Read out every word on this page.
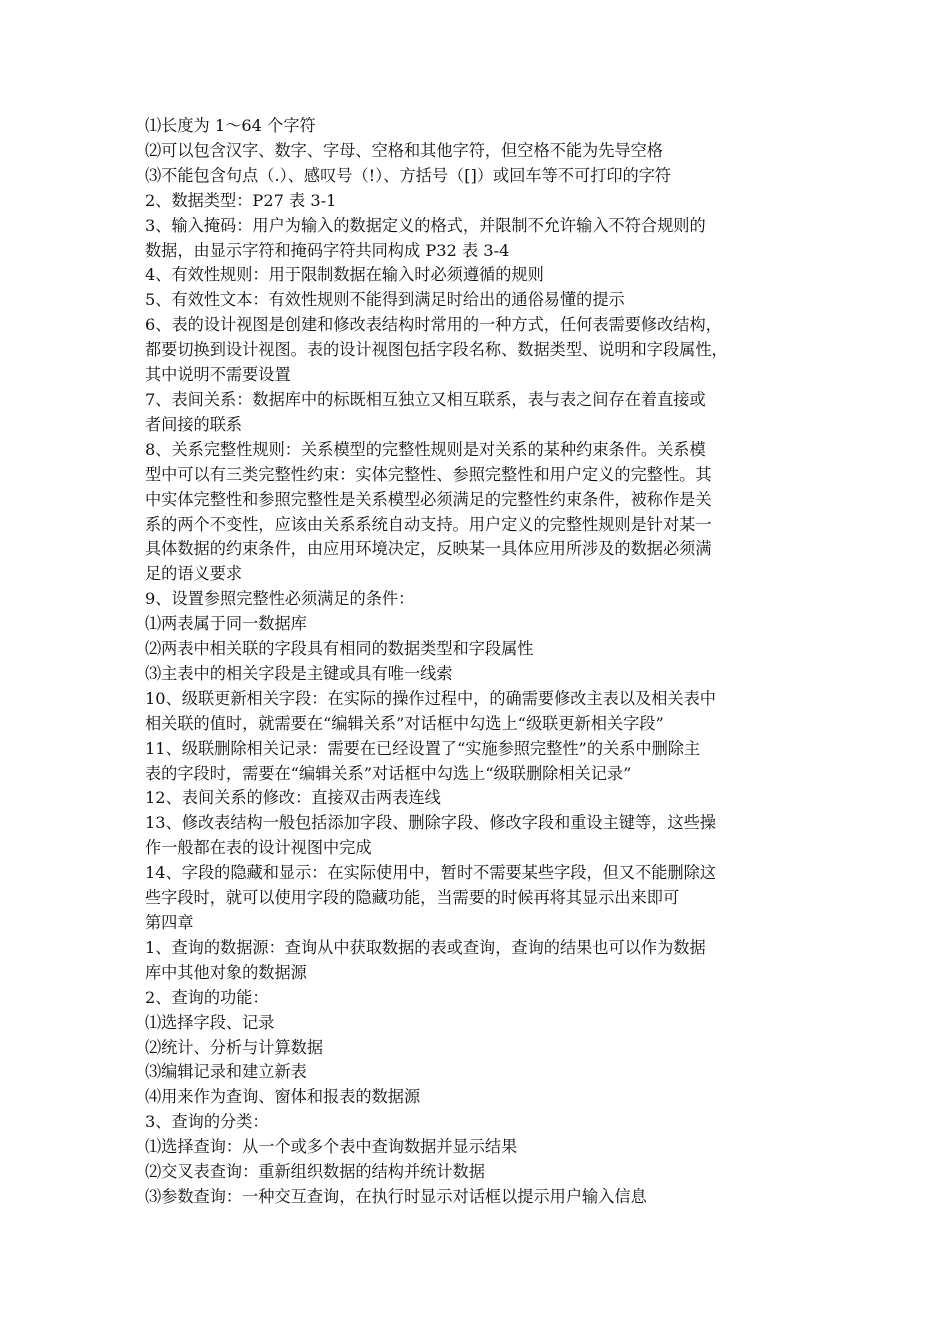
⑴长度为 1～64 个字符
⑵可以包含汉字、数字、字母、空格和其他字符，但空格不能为先导空格
⑶不能包含句点（.）、感叹号（!）、方括号（[]）或回车等不可打印的字符
2、数据类型：P27 表 3-1
3、输入掩码：用户为输入的数据定义的格式，并限制不允许输入不符合规则的
数据，由显示字符和掩码字符共同构成 P32 表 3-4
4、有效性规则：用于限制数据在输入时必须遵循的规则
5、有效性文本：有效性规则不能得到满足时给出的通俗易懂的提示
6、表的设计视图是创建和修改表结构时常用的一种方式，任何表需要修改结构，
都要切换到设计视图。表的设计视图包括字段名称、数据类型、说明和字段属性，
其中说明不需要设置
7、表间关系：数据库中的标既相互独立又相互联系，表与表之间存在着直接或
者间接的联系
8、关系完整性规则：关系模型的完整性规则是对关系的某种约束条件。关系模
型中可以有三类完整性约束：实体完整性、参照完整性和用户定义的完整性。其
中实体完整性和参照完整性是关系模型必须满足的完整性约束条件，被称作是关
系的两个不变性，应该由关系系统自动支持。用户定义的完整性规则是针对某一
具体数据的约束条件，由应用环境决定，反映某一具体应用所涉及的数据必须满
足的语义要求
9、设置参照完整性必须满足的条件：
⑴两表属于同一数据库
⑵两表中相关联的字段具有相同的数据类型和字段属性
⑶主表中的相关字段是主键或具有唯一线索
10、级联更新相关字段：在实际的操作过程中，的确需要修改主表以及相关表中
相关联的值时，就需要在“编辑关系”对话框中勾选上“级联更新相关字段”
11、级联删除相关记录：需要在已经设置了“实施参照完整性”的关系中删除主
表的字段时，需要在“编辑关系”对话框中勾选上“级联删除相关记录”
12、表间关系的修改：直接双击两表连线
13、修改表结构一般包括添加字段、删除字段、修改字段和重设主键等，这些操
作一般都在表的设计视图中完成
14、字段的隐藏和显示：在实际使用中，暂时不需要某些字段，但又不能删除这
些字段时，就可以使用字段的隐藏功能，当需要的时候再将其显示出来即可
第四章
1、查询的数据源：查询从中获取数据的表或查询，查询的结果也可以作为数据
库中其他对象的数据源
2、查询的功能：
⑴选择字段、记录
⑵统计、分析与计算数据
⑶编辑记录和建立新表
⑷用来作为查询、窗体和报表的数据源
3、查询的分类：
⑴选择查询：从一个或多个表中查询数据并显示结果
⑵交叉表查询：重新组织数据的结构并统计数据
⑶参数查询：一种交互查询，在执行时显示对话框以提示用户输入信息
